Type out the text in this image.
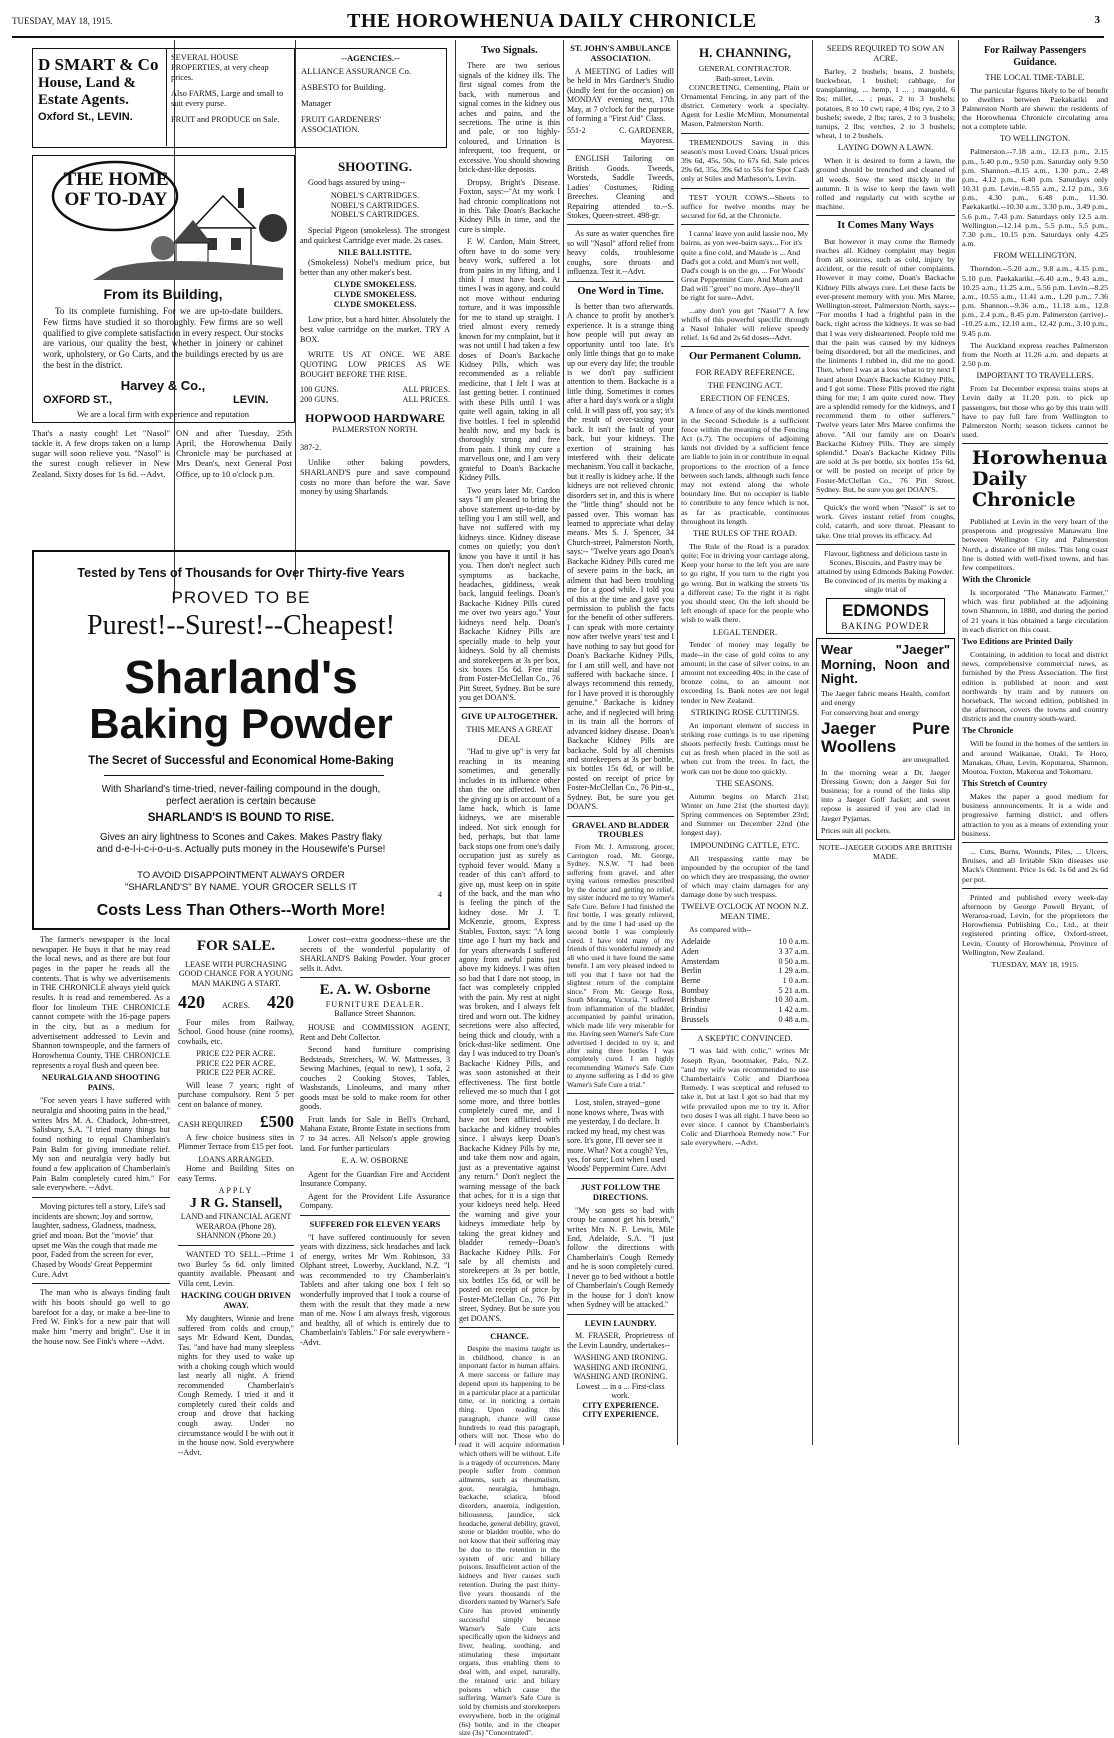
TUESDAY, MAY 18, 1915.	THE HOROWHENUA DAILY CHRONICLE	3
D SMART & Co
House, Land &
Estate Agents.
Oxford St., LEVIN.
SEVERAL HOUSE PROPERTIES, at very cheap prices.
Also FARMS, Large and small to suit every purse.
FRUIT and PRODUCE on Sale.
--AGENCIES.--
ALLIANCE ASSURANCE Co.
ASBESTO for Building.
Manager
FRUIT GARDENERS' ASSOCIATION.
THE HOME
OF TO-DAY
From its Building,
To its complete furnishing. For we are up-to-date builders. Few firms have studied it so thoroughly. Few firms are so well qualified to give complete satisfaction in every respect. Our stocks are various, our quality the best, whether in joinery or cabinet work, upholstery, or Go Carts, and the buildings erected by us are the best in the district.
Harvey & Co.,
OXFORD ST.,	LEVIN.
We are a local firm with experience and reputation

That's a nasty cough! Let "Nasol" tackle it. A few drops taken on a lump sugar will soon relieve you. "Nasol" is the surest cough reliever in New Zealand. Sixty doses for 1s 6d. --Advt.

ON and after Tuesday, 25th April, the Horowhenua Daily Chronicle may be purchased at Mrs Dean's, next General Post Office, up to 10 o'clock p.m.

SHOOTING.

Good bags assured by using--

NOBEL'S CARTRIDGES.
NOBEL'S CARTRIDGES.
NOBEL'S CARTRIDGES.

Special Pigeon (smokeless). The strongest and quickest Cartridge ever made. 2s cases.

NILE BALLISTITE.

(Smokeless) Nobel's medium price, but better than any other maker's best.

CLYDE SMOKELESS.
CLYDE SMOKELESS.
CLYDE SMOKELESS.

Low price, but a hard hitter. Absolutely the best value cartridge on the market. TRY A BOX.

WRITE US AT ONCE. WE ARE QUOTING LOW PRICES AS WE BOUGHT BEFORE THE RISE.

100 GUNS.	ALL PRICES.
200 GUNS.	ALL PRICES.
HOPWOOD HARDWARE
PALMERSTON NORTH.
387-2.

Unlike other baking powders, SHARLAND'S pure and save compound costs no more than before the war. Save money by using Sharlands.

Tested by Tens of Thousands for Over Thirty-five Years
PROVED TO BE
Purest!--Surest!--Cheapest!
Sharland's
Baking Powder
The Secret of Successful and Economical Home-Baking
With Sharland's time-tried, never-failing compound in the dough, perfect aeration is certain because
SHARLAND'S IS BOUND TO RISE.
Gives an airy lightness to Scones and Cakes. Makes Pastry flaky and d-e-l-i-c-i-o-u-s. Actually puts money in the Housewife's Purse!
TO AVOID DISAPPOINTMENT ALWAYS ORDER "SHARLAND'S" BY NAME. YOUR GROCER SELLS IT
Costs Less Than Others--Worth More!
4

The farmer's newspaper is the local newspaper. He buys it that he may read the local news, and as there are but four pages in the paper he reads all the contents. That is why we advertisements in THE CHRONICLE always yield quick results. It is read and remembered. As a floor for linoleum THE CHRONICLE cannot compete with the 16-page papers in the city, but as a medium for advertisement addressed to Levin and Shannon townspeople, and the farmers of Horowhenua County, THE CHRONICLE represents a royal flush and queen bee.

NEURALGIA AND SHOOTING PAINS.

"For seven years I have suffered with neuralgia and shooting pains in the head," writes Mrs M. A. Chadock, John-street, Salisbury, S.A. "I tried many things but found nothing to equal Chamberlain's Pain Balm for giving immediate relief. My son and neuralgia very badly but found a few application of Chamberlain's Pain Balm completely cured him." For sale everywhere. --Advt.

Moving pictures tell a story, Life's sad incidents are shown; Joy and sorrow, laughter, sadness, Gladness, madness, grief and moan. But the "movie" that upset me Was the cough that made me poor, Faded from the screen for ever, Chased by Woods' Great Peppermint Cure. Advt

The man who is always finding fault with his boots should go well to go barefoot for a day, or make a bee-line to Fred W. Fink's for a new pair that will make him "merry and bright". Use it in the house now. See Fink's where --Advt.

FOR SALE.
LEASE WITH PURCHASING GOOD CHANCE FOR A YOUNG MAN MAKING A START.
420 ACRES. 420

Four miles from Railway, School. Good house (nine rooms), cowbails, etc.

PRICE £22 PER ACRE.
PRICE £22 PER ACRE.
PRICE £22 PER ACRE.

Will lease 7 years; right of purchase compulsory. Rent 5 per cent on balance of money.

CASH REQUIRED £500

A few choice business sites in Plimmer Terrace from £15 per foot.

LOANS ARRANGED.

Home and Building Sites on easy Terms.

APPLY
J R G. Stansell,
LAND and FINANCIAL AGENT
WERAROA (Phone 28). SHANNON (Phone 20.)

WANTED TO SELL.--Prime 1 two Burley 5s 6d. only limited quantity available. Pheasant and Villa cent, Levin.

HACKING COUGH DRIVEN AWAY.

My daughters, Winnie and Irene suffered from colds and croup," says Mr Edward Kent, Dundas, Tas. "and have had many sleepless nights for they used to wake up with a choking cough which would last nearly all night. A friend recommended Chamberlain's Cough Remedy. I tried it and it completely cured their colds and croup and drove that hacking cough away. Under no circumstance would I be with out it in the house now. Sold everywhere --Advt.

Lower cost--extra goodness--these are the secrets of the wonderful popularity of SHARLAND'S Baking Powder. Your grocer sells it. Advt.

E. A. W. Osborne
FURNITURE DEALER.
Ballance Street Shannon.

HOUSE and COMMISSION AGENT, Rent and Debt Collector.

Second hand furniture comprising Bedsteads, Stretchers, W. W. Mattresses, 3 Sewing Machines, (equal to new), 1 sofa, 2 couches 2 Cooking Stoves, Tables, Washstands, Linoleums, and many other goods must be sold to make room for other goods.

Fruit lands for Sale in Bell's Orchard, Mahana Estate, Bronte Estate in sections from 7 to 34 acres. All Nelson's apple growing land. For further particulars

E. A. W. OSBORNE

Agent for the Guardian Fire and Accident Insurance Company.

Agent for the Provident Life Assurance Company.

SUFFERED FOR ELEVEN YEARS

"I have suffered continuously for seven years with dizziness, sick headaches and lack of energy, writes Mr Wm Robinson, 33 Olphant street, Lowerby, Auckland, N.Z. "I was recommended to try Chamberlain's Tablets and after taking one box I felt so wonderfully improved that I took a course of them with the result that they made a new man of me. Now I am always fresh, vigorous and healthy, all of which is entirely due to Chamberlain's Tablets." For sale everywhere --Advt.

Two Signals.

There are two serious signals of the kidney ills. The first signal comes from the back, with numerous and signal comes in the kidney ous aches and pains, and the secretions. The urine is thin and pale, or too highly-coloured, and Urination is infrequent, too frequent, or excessive. You should showing brick-dust-like deposits.

Dropsy, Bright's Disease. Foxton, says:--"At my work I had chronic complications not in this. Take Doan's Backache Kidney Pills in time, and the cure is simple.

F. W. Cardon, Main Street, often have to do some very heavy work, suffered a lot from pains in my lifting, and I think I must have back. At times I was in agony, and could not move without enduring torture, and it was impossible for me to stand up straight. I tried almost every remedy known for my complaint, but it was not until I had taken a few doses of Doan's Backache Kidney Pills, which was recommended as a reliable medicine, that I felt I was at last getting better. I continued with these Pills until I was quite well again, taking in all five bottles. I feel in splendid health now, and my back is thoroughly strong and free from pain. I think my cure a marvellous one, and I am very grateful to Doan's Backache Kidney Pills.

Two years later Mr. Cardon says "I am pleased to bring the above statement up-to-date by telling you I am still well, and have not suffered with my kidneys since. Kidney disease comes on quietly; you don't know you have it until it has you. Then don't neglect such symptoms as backache, headaches, giddiness, weak back, languid feelings. Doan's Backache Kidney Pills cured me over two years ago." Your kidneys need help. Doan's Backache Kidney Pills are specially made to help your kidneys. Sold by all chemists and storekeepers at 3s per box, six boxes 15s 6d. Free trial from Foster-McClellan Co., 76 Pitt Street, Sydney. But be sure you get DOAN'S.

GIVE UP ALTOGETHER.
THIS MEANS A GREAT DEAL

"Had to give up" is very far reaching in its meaning sometimes, and generally includes in its influence other than the one affected. When the giving up is on account of a lame back, which is lame kidneys, we are miserable indeed. Not sick enough for bed, perhaps, but that lame back stops one from one's daily occupation just as surely as typhoid fever would. Many a reader of this can't afford to give up, must keep on in spite of the back, and the man who is feeling the pinch of the kidney dose. Mr J. T. McKenzie, groom, Express Stables, Foxton, says: "A long time ago I hurt my back and for years afterwards I suffered agony from awful pains just above my kidneys. I was often so bad that I dare not stoop, in fact was completely crippled with the pain. My rest at night was broken, and I always felt tired and worn out. The kidney secretions were also affected, being thick and cloudy, with a brick-dust-like sediment. One day I was induced to try Doan's Backache Kidney Pills, and was soon astonished at their effectiveness. The first bottle relieved me so much that I got some more, and three bottles completely cured me, and I have not been afflicted with backache and kidney troubles since. I always keep Doan's Backache Kidney Pills by me, and take them now and again, just as a preventative against any return." Don't neglect the warning message of the back that aches, for it is a sign that your kidneys need help. Heed the warning and give your kidneys immediate help by taking the great kidney and bladder remedy--Doan's Backache Kidney Pills. For sale by all chemists and storekeepers at 3s per bottle, six bottles 15s 6d, or will be posted on receipt of price by Foster-McClellan Co., 76 Pitt street, Sydney. But be sure you get DOAN'S.

CHANCE.

Despite the maxims taught us in childhood, chance is an important factor in human affairs. A mere success or failure may depend upon its happening to be in a particular place at a particular time, or in noticing a certain thing. Upon reading this paragraph, chance will cause hundreds to read this paragraph, others will not. Those who do read it will acquire information which others will be without. Life is a tragedy of occurrences. Many people suffer from common ailments, such as rheumatism, gout, neuralgia, lumbago, backache, sciatica, blood disorders, anaemia, indigestion, biliousness, jaundice, sick headache, general debility, gravel, stone or bladder trouble, who do not know that their suffering may be due to the retention in the system of uric and biliary poisons. Insufficient action of the kidneys and liver causes such retention. During the past thirty-five years thousands of the disorders named by Warner's Safe Cure has proved eminently successful simply because Warner's Safe Cure acts specifically upon the kidneys and liver, healing, soothing, and stimulating these important organs, thus enabling them to deal with, and expel, naturally, the retained uric and biliary poisons which cause the suffering. Warner's Safe Cure is sold by chemists and storekeepers everywhere, both in the original (6s) bottle, and in the cheaper size (3s) "Concentrated".

ST. JOHN'S AMBULANCE ASSOCIATION.

A MEETING of Ladies will be held in Mrs Gardner's Studio (kindly lent for the occasion) on MONDAY evening next, 17th May, at 7 o'clock for the purpose of forming a "First Aid" Class.

551-2	C. GARDENER,
Mayoress.

ENGLISH Tailoring on British Goods. Tweeds, Worsteds, Saddle Tweeds, Ladies' Costumes, Riding Breeches. Cleaning and Repairing attended to.--S. Stokes, Queen-street. 498-gr.

As sure as water quenches fire so will "Nasol" afford relief from heavy colds, troublesome coughs, sore throats and influenza. Test it.--Advt.

One Word in Time.

Is better than two afterwards. A chance to profit by another's experience. It is a strange thing how people will put away an opportunity until too late. It's only little things that go to make up our every day life; the trouble is we don't pay sufficient attention to them. Backache is a little thing. Sometimes it comes after a hard day's work or a slight cold. It will pass off, you say; it's the result of over-taxing your back. It isn't the fault of your back, but your kidneys. The exertion of straining has interfered with their delicate mechanism. You call it backache, but it really is kidney ache. If the kidneys are not relieved chronic disorders set in, and this is where the "little thing" should not be passed over. This woman has learned to appreciate what delay means. Mrs S. J. Spencer, 34 Church-street, Palmerston North, says:-- "Twelve years ago Doan's Backache Kidney Pills cured me of severe pains in the back, an ailment that had been troubling me for a good while. I told you of this at the time and gave you permission to publish the facts for the benefit of other sufferers. I can speak with more certainty now after twelve years' test and I have nothing to say but good for Doan's Backache Kidney Pills, for I am still well, and have not suffered with backache since. I always recommend this remedy, for I have proved it is thoroughly genuine." Backache is kidney ache, and if neglected will bring in its train all the horrors of advanced kidney disease. Doan's Backache Kidney Pills are backache. Sold by all chemists and storekeepers at 3s per bottle, six bottles 15s 6d, or will be posted on receipt of price by Foster-McClellan Co., 76 Pitt-st., Sydney. But, be sure you get DOAN'S.

GRAVEL AND BLADDER TROUBLES

From Mr. J. Armstrong, grocer, Carrington road, Mt. George, Sydney, N.S.W. "I had been suffering from gravel, and after trying various remedies prescribed by the doctor and getting no relief, my sister induced me to try Warner's Safe Cure. Before I had finished the first bottle, I was greatly relieved, and by the time I had used up the second bottle I was completely cured. I have told many of my friends of this wonderful remedy and all who used it have found the same benefit. I am very pleased indeed to tell you that I have not had the slightest return of the complaint since." From Mr. George Ross, South Morang, Victoria. "I suffered from inflammation of the bladder, accompanied by painful urination, which made life very miserable for me. Having seen Warner's Safe Cure advertised I decided to try it, and after using three bottles I was completely cured. I am highly recommending Warner's Safe Cure to anyone suffering as I did to give Warner's Safe Cure a trial."

Lost, stolen, strayed--gone none knows where, Twas with me yesterday, I do declare. It racked my head, my chest was sore. It's gone, I'll never see it more. What? Not a cough? Yes, yes, for sure; Lost when I used Woods' Peppermint Cure. Advt

JUST FOLLOW THE DIRECTIONS.

"My son gets so bad with croup he cannot get his breath," writes Mrs N. F. Lewis, Mile End, Adelaide, S.A. "I just follow the directions with Chamberlain's Cough Remedy and he is soon completely cured. I never go to bed without a bottle of Chamberlain's Cough Remedy in the house for I don't know when Sydney will be attacked."

LEVIN LAUNDRY.

M. FRASER, Proprietress of the Levin Laundry, undertakes--

WASHING AND IRONING.
WASHING AND IRONING.
WASHING AND IRONING.
Lowest ... in a ... First-class work.
CITY EXPERIENCE.
CITY EXPERIENCE.
H. CHANNING,
GENERAL CONTRACTOR.
Bath-street, Levin.

CONCRETING, Cementing, Plain or Ornamental Fencing, in any part of the district. Cemetery work a specialty. Agent for Leslie McMinn, Monumental Mason, Palmerston North.

TREMENDOUS Saving in this season's most Loved Coats. Usual prices 39s 6d, 45s, 50s, to 67s 6d. Sale prices 29s 6d, 35s, 39s 6d to 55s for Spot Cash only at Stiles and Matheson's, Levin.

TEST YOUR COWS.--Sheets to suffice for twelve months may be secured for 6d, at the Chronicle.

I canna' leave yon auld lassie noo, My bairns, as yon wee-bairn says... For it's quite a fine cold, and Maude is ... And Dad's got a cold, and Mum's not well, Dad's cough is on the go, ... For Woods' Great Peppermint Cure. And Mum and Dad will "greet" no more. Aye--they'll be right for sure--Advt.

...any don't you get "Nasol"? A few whiffs of this powerful specific through a Nasol Inhaler will relieve speedy relief. 1s 6d and 2s 6d doses--Advt.

Our Permanent Column.
FOR READY REFERENCE.
THE FENCING ACT.
ERECTION OF FENCES.

A fence of any of the kinds mentioned in the Second Schedule is a sufficient fence within the meaning of the Fencing Act (s.7). The occupiers of adjoining lands not divided by a sufficient fence are liable to join in or contribute in equal proportions to the erection of a fence between such lands, although such fence may not extend along the whole boundary line. But no occupier is liable to contribute to any fence which is not, as far as practicable, continuous throughout its length.

THE RULES OF THE ROAD.

The Rule of the Road is a paradox quite; For in driving your carriage along, Keep your horse to the left you are sure to go right, If you turn to the right you go wrong. But in walking the streets 'tis a different case; To the right it is right you should steer, On the left should be left enough of space for the people who wish to walk there.

LEGAL TENDER.

Tender of money may legally be made--in the case of gold coins to any amount; in the case of silver coins, to an amount not exceeding 40s; in the case of bronze coins, to an amount not exceeding 1s. Bank notes are not legal tender in New Zealand.

STRIKING ROSE CUTTINGS.

An important element of success in striking rose cuttings is to use ripening shoots perfectly fresh. Cuttings must be cut as fresh when placed in the soil as when cut from the trees. In fact, the work can not be done too quickly.

THE SEASONS.

Autumn begins on March 21st; Winter on June 21st (the shortest day); Spring commences on September 23rd; and Summer on December 22nd (the longest day).

IMPOUNDING CATTLE, ETC.

All trespassing cattle may be impounded by the occupier of the land on which they are trespassing, the owner of which may claim damages for any damage done by such trespass.

TWELVE O'CLOCK AT NOON N.Z. MEAN TIME.

As compared with--

Adelaide	10 0 a.m.
Aden	3 37 a.m.
Amsterdam	0 50 a.m.
Berlin	1 29 a.m.
Berne	1 0 a.m.
Bombay	5 21 a.m.
Brisbane	10 30 a.m.
Brindisi	1 42 a.m.
Brussels	0 48 a.m.
A SKEPTIC CONVINCED.

"I was laid with colic," writes Mr Joseph Ryan, bootmaker, Palo, N.Z. "and my wife was recommended to use Chamberlain's Colic and Diarrhoea Remedy. I was sceptical and refused to take it, but at last I got so bad that my wife prevailed upon me to try it. After two doses I was all right. I have been so ever since. I cannot by Chamberlain's Colic and Diarrhoea Remedy now." For sale everywhere. --Advt.

SEEDS REQUIRED TO SOW AN ACRE.

Barley, 2 bushels; beans, 2 bushels; buckwheat, 1 bushel; cabbage, for transplanting, ... hemp, 1 ... ; mangold, 6 lbs; millet, ... ; peas, 2 to 3 bushels; potatoes, 8 to 10 cwt; rape, 4 lbs; rye, 2 to 3 bushels; swede, 2 lbs; tares, 2 to 3 bushels; turnips, 2 lbs; vetches, 2 to 3 bushels; wheat, 1 to 2 bushels.

LAYING DOWN A LAWN.

When it is desired to form a lawn, the ground should be trenched and cleaned of all weeds. Sow the seed thickly in the autumn. It is wise to keep the lawn well rolled and regularly cut with scythe or machine.

It Comes Many Ways

But however it may come the Remedy reaches all. Kidney complaint may begin from all sources, such as cold, injury by accident, or the result of other complaints. However it may come, Doan's Backache Kidney Pills always cure. Let these facts be ever-present memory with you. Mrs Maree, Wellington-street, Palmerston North, says:--"For months I had a frightful pain in the back, right across the kidneys. It was so bad that I was very disheartened. People told me that the pain was caused by my kidneys being disordered, but all the medicines, and the liniments I rubbed in, did me no good. Then, when I was at a loss what to try next I heard about Doan's Backache Kidney Pills, and I got some. These Pills proved the right thing for me; I am quite cured now. They are a splendid remedy for the kidneys, and I recommend them to other sufferers." Twelve years later Mrs Maree confirms the above. "All our family are on Doan's Backache Kidney Pills. They are simply splendid." Doan's Backache Kidney Pills are sold at 3s per bottle, six bottles 15s 6d, or will be posted on receipt of price by Foster-McClellan Co., 76 Pitt Street, Sydney. But, be sure you get DOAN'S.

Quick's the word when "Nasol" is set to work. Gives instant relief from coughs, cold, catarrh, and sore throat. Pleasant to take. One trial proves its efficacy. Ad

Flavour, lightness and delicious taste in Scones, Biscuits, and Pastry may be attained by using Edmonds Baking Powder. Be convinced of its merits by making a single trial of

EDMONDS
BAKING POWDER
Wear "Jaeger" Morning, Noon and Night.
The Jaeger fabric means Health, comfort and energy
For conserving heat and energy
Jaeger Pure Woollens
are unequalled.
In the morning wear a Dr. Jaeger Dressing Gown; don a Jaeger Sui for business; for a round of the links slip into a Jaeger Golf Jacket; and sweet repose is assured if you are clad in Jaeger Pyjamas.
Prices suit all pockets.
NOTE--JAEGER GOODS ARE BRITISH MADE.
For Railway Passengers Guidance.
THE LOCAL TIME-TABLE.

The particular figures likely to be of benefit to dwellers between Paekakariki and Palmerston North are shewn: the residents of the Horowhenua Chronicle circulating area not a complete table.

TO WELLINGTON.

Palmerston.--7.18 a.m., 12.13 p.m., 2.15 p.m., 5.40 p.m., 9.50 p.m. Saturday only 9.50 p.m. Shannon.--8.15 a.m., 1.30 p.m., 2.48 p.m., 4.12 p.m., 6.40 p.m. Saturdays only 10.31 p.m. Levin.--8.55 a.m., 2.12 p.m., 3.6 p.m., 4.30 p.m., 6.48 p.m., 11.30. Paekakariki.--10.30 a.m., 3.30 p.m., 3.49 p.m., 5.6 p.m., 7.43 p.m. Saturdays only 12.5 a.m. Wellington.--12.14 p.m., 5.5 p.m., 5.5 p.m., 7.30 p.m., 10.15 p.m. Saturdays only 4.25 a.m.

FROM WELLINGTON.

Thorndon.--5.20 a.m., 9.8 a.m., 4.15 p.m., 5.10 p.m. Paekakariki.--6.40 a.m., 9.43 a.m., 10.25 a.m., 11.25 a.m., 5.56 p.m. Levin.--8.25 a.m., 10.55 a.m., 11.41 a.m., 1.20 p.m., 7.36 p.m. Shannon.--9.36 a.m., 11.18 a.m., 12.8 p.m., 2.4 p.m., 8.45 p.m. Palmerston (arrive).--10.25 a.m., 12.10 a.m., 12.42 p.m., 3.10 p.m., 9.45 p.m.

The Auckland express reaches Palmerston from the North at 11.26 a.m. and departs at 2.50 p.m.

IMPORTANT TO TRAVELLERS.

From 1st December express trains stops at Levin daily at 11.20 p.m. to pick up passengers, but those who go by this train will have to pay full fare from Wellington to Palmerston North; season tickets cannot be used.

Horowhenua
Daily
Chronicle

Published at Levin in the very heart of the prosperous and progressive Manawatu line between Wellington City and Palmerston North, a distance of 88 miles. This long coast line is dotted with well-fixed towns, and has few competitors.

With the Chronicle

Is incorporated "The Manawatu Farmer," which was first published at the adjoining town Shannon, in 1880, and during the period of 21 years it has obtained a large circulation in each district on this coast.

Two Editions are Printed Daily

Containing, in addition to local and district news, comprehensive commercial news, as furnished by the Press Association. The first edition is published at noon and sent northwards by train and by runners on horseback. The second edition, published in the afternoon, covers the towns and country districts and the country south-ward.

The Chronicle

Will be found in the homes of the settlers in and around Waikanae, Otaki, Te Horo, Manakau, Ohau, Levin, Koputaroa, Shannon, Moutoa, Foxton, Makerua and Tokomaru.

This Stretch of Country

Makes the paper a good medium for business announcements. It is a wide and progressive farming district, and offers attraction to you as a means of extending your business.

... Cuts, Burns, Wounds, Piles, ... Ulcers, Bruises, and all Irritable Skin diseases use Mack's Ointment. Price 1s 6d. 1s 6d and 2s 6d per pot.

Printed and published every week-day afternoon by George Powell Bryant, of Weraroa-road, Levin, for the proprietors the Horowhenua Publishing Co., Ltd., at their registered printing office, Oxford-street, Levin, County of Horowhenua, Province of Wellington, New Zealand.

TUESDAY, MAY 18, 1915.
